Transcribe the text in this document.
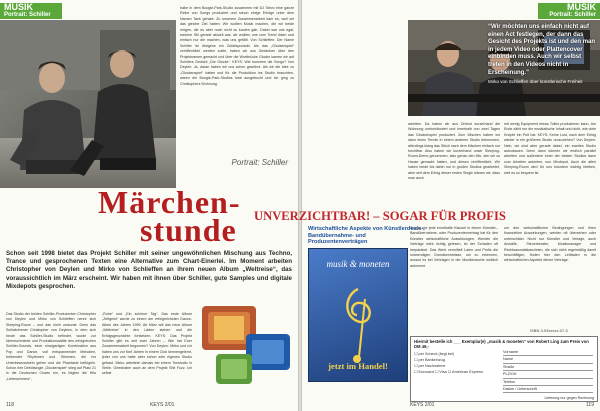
MUSIK
Portrait: Schiller
habe in dem Boogie-Park-Studio zusammen mit DJ Stevo eine ganze Reihe von Songs produziert und schon einige Erfolge unter dem Namen Tank gehabt. Zu unserem Zusammenarbeit kam es, weil wir das gleiche Ziel hatten: Wir wollten Musik machen, die wir beide mögen, die es aber noch nicht zu kaufen gab. Dabei war uns egal, welcher Stil gerade aktuell war, wir wollten uns vom Trend lösen und einfach nur die machen, was uns gefällt. Von Schlieffen: Der Name Schiller ist übrigens ein Zufallsprodukt. Als das „Glockenspiel“ veröffentlicht werden sollte, haben wir uns Gedanken über den Projektnamen gemacht und über die Wortbrücke Glocke kamen wir auf Schillers Gedicht „Die Glocke“. KEYS: Wie kommen die Songs? Von Deylen: Ja, daran haben wir uns schon gewöhnt. Als wir die Idee zu „Glockenspiel“ hatten und für die Produktion ins Studio brauchten, waren die Boogie-Park-Studios total ausgebucht und ich ging zu Christophers Wohnung.
Portrait: Schiller
Märchen-
stunde
Schon seit 1998 bietet das Projekt Schiller mit seiner ungewöhnlichen Mischung aus Techno, Trance und gesprochenen Texten eine Alternative zum Chart-Einerlei. Im Moment arbeiten Christopher von Deylen und Mirko von Schlieffen an ihrem neuen Album „Weltreise“, das voraussichtlich im März erscheint. Wir haben mit ihnen über Schiller, gute Samples und digitale Mixdepots gesprochen.
Das Studio der beiden Schiller-Produzenten Christopher von Deylen und Mirko von Schlieffen nennt sich Sleeping-Room – und das nicht umsonst: Denn das Schlafzimmer Christopher von Deylens, in dem sich heute das Schiller-Studio befindet, wurde zur Ideenschmiede und Produktionsstätte des erfolgreichen Schiller-Sounds, einer einzigartigen Kombination aus Pop und Dance, voll entspannender Melodien, treibender Rhythmen und Stimmen, die ins Unterbewusstsein gehen und die Phantasie beflügeln. Schon ihre Debütsingle „Glockenspiel“ stieg auf Platz 21 in die Deutschen Charts ein, es folgten die Hits „Liebeschmerz“,
„Ruhe“ und „Ein schöner Tag“. Das erste Album „Zeitgeist“ wurde zu einem der erfolgreichsten Dance-Alben des Jahres 1999. Ab März will das neue Album „Weltreise“ in den Läden stehen und die Erfolgsgeschichte fortsetzen. KEYS: Das Projekt Schiller gibt es seit zwei Jahren – Wie hat Euer Zusammenarbeit begonnen? Von Deylen: Mirko und ich haben uns vor fünf Jahren in einem Club kennengelernt, jeder von uns hatte aber schon sein eigenes Studio gebaut. Mirko arbeitete damals bei einem Tonstudio in Stelle. Grieshaber auch an dem Projekt Shit Fuzz. Ich selbst
118	KEYS 2/01
MUSIK
Portrait: Schiller
“Wir möchten uns einfach nicht auf einen Act festlegen, der dann das Gesicht des Projekts ist und den man in jedem Video oder Plattencover einbinden muss. Auch wir selbst treten in den Videos nicht in Erscheinung.”
Mirko von Schlieffen über künstlerische Freiheit
arbeiten. Da haben wir aus Zeitnot kurzerhand die Wohnung umfunktioniert und innerhalb von zwei Tagen das Glockenspiel produziert. Zum Mischen haben wir dann einen Termin in einem anderen Studio bekommen, allerdings klang das Stück nach dem Mischen einfach nur furchtbar. Also haben wir kurzerhand unser Sleeping-Room-Demo genommen, also genau den Mix, den wir zu Hause gemacht hatten, und diesen veröffentlicht. Wir haben beide bis dahin nur in großen Studios gearbeitet, aber seit dem Erfolg dieser ersten Single wissen wir, dass man auch
mit wenig Equipment etwas Tolles produzieren kann. Am Ende zählt nur die musikalische Inhalt und nicht, wie viele Knöpfe ein Pult hat. KEYS: Keine Lust, nach dem Erfolg wieder in ein größeres Studio umzuziehen? Von Deylen: Nein, wir sind aber gerade dabei, ein zweites Studio aufzubauen. Denn dann können wir endlich parallel arbeiten und außerdem einer der beiden Studios dann zum Arbeiten anbieten, nun Mixdepot. Auch die alten Sleeping-Room wird für uns trotzdem wichtig bleiben, weil es so bequem ist.
UNVERZICHTBAR! – SOGAR FÜR PROFIS
Wirtschaftliche Aspekte von Künstlerdeals-, Bandübernahme- und Produzentenverträgen
musik & moneten
jetzt im Handel!
So gut wie jede ernsthafte Klausel in einem Künstler-, Bandübernahme- oder Produzentenvertrag hat für den Künstler wirtschaftliche Auswirkungen. Werden die Verträge nicht richtig gelesen, ist der Schaden oft irreparabel. Das Werk vermittelt Laien und Profis die notwendigen Grundkenntnisse, um zu erkennen, worauf es bei Verträgen in der Musikbranche wirklich ankommt.
um den wirtschaftlichen Bedingungen und ihren finanziellen Auswirkungen, werden oft übersehen oder unterschätzt. Nicht nur Künstler und Verlage, auch Anwälte, Steuerberater, Musikmanager und Rechtsanwaltskanzleien, die sich nicht regelmäßig damit beschäftigen, finden hier den Leitfaden in die wirtschaftlichen Aspekte dieser Verträge.
Hiermit bestelle ich ___ Exemplar(e) „musik & moneten“ von Robert Ling zum Preis von DM 49,-
☐ per Scheck (liegt bei)
☐ per Bankeinzug
☐ per Nachnahme
☐ Eurocard ☐ Visa ☐ American Express
Vorname
Name
Straße
PLZ/Ort
Telefon
Datum / Unterschrift
Lieferung nur gegen Rechnung
ISBN 3-93xxxxx-07-0
KEYS 2/01	119
